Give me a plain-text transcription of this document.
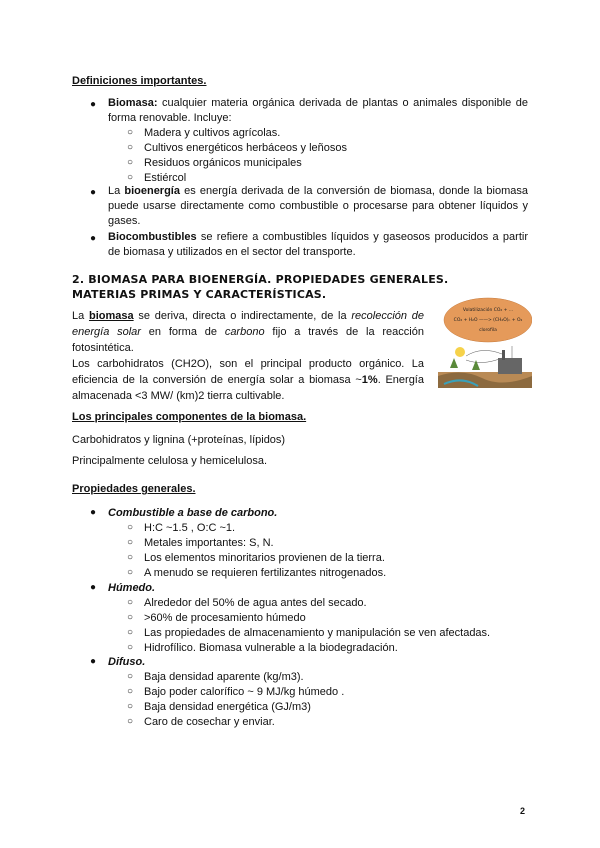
Definiciones importantes.
● Biomasa: cualquier materia orgánica derivada de plantas o animales disponible de forma renovable. Incluye:
○ Madera y cultivos agrícolas.
○ Cultivos energéticos herbáceos y leñosos
○ Residuos orgánicos municipales
○ Estiércol
● La bioenergía es energía derivada de la conversión de biomasa, donde la biomasa puede usarse directamente como combustible o procesarse para obtener líquidos y gases.
● Biocombustibles se refiere a combustibles líquidos y gaseosos producidos a partir de biomasa y utilizados en el sector del transporte.
2. BIOMASA PARA BIOENERGÍA. PROPIEDADES GENERALES.
MATERIAS PRIMAS Y CARACTERÍSTICAS.
La biomasa se deriva, directa o indirectamente, de la recolección de energía solar en forma de carbono fijo a través de la reacción fotosintética.
Los carbohidratos (CH2O), son el principal producto orgánico. La eficiencia de la conversión de energía solar a biomasa ~1%. Energía almacenada <3 MW/ (km)2 tierra cultivable.
Volatilización CO₂ + ...
CO₂ + H₂O ——> (CH₂O)ₙ + O₂
clorofila
Los principales componentes de la biomasa.
Carbohidratos y lignina (+proteínas, lípidos)
Principalmente celulosa y hemicelulosa.
Propiedades generales.
● Combustible a base de carbono.
○ H:C ~1.5 , O:C ~1.
○ Metales importantes: S, N.
○ Los elementos minoritarios provienen de la tierra.
○ A menudo se requieren fertilizantes nitrogenados.
● Húmedo.
○ Alrededor del 50% de agua antes del secado.
○ >60% de procesamiento húmedo
○ Las propiedades de almacenamiento y manipulación se ven afectadas.
○ Hidrofílico. Biomasa vulnerable a la biodegradación.
● Difuso.
○ Baja densidad aparente (kg/m3).
○ Bajo poder calorífico ~ 9 MJ/kg húmedo .
○ Baja densidad energética (GJ/m3)
○ Caro de cosechar y enviar.
2
